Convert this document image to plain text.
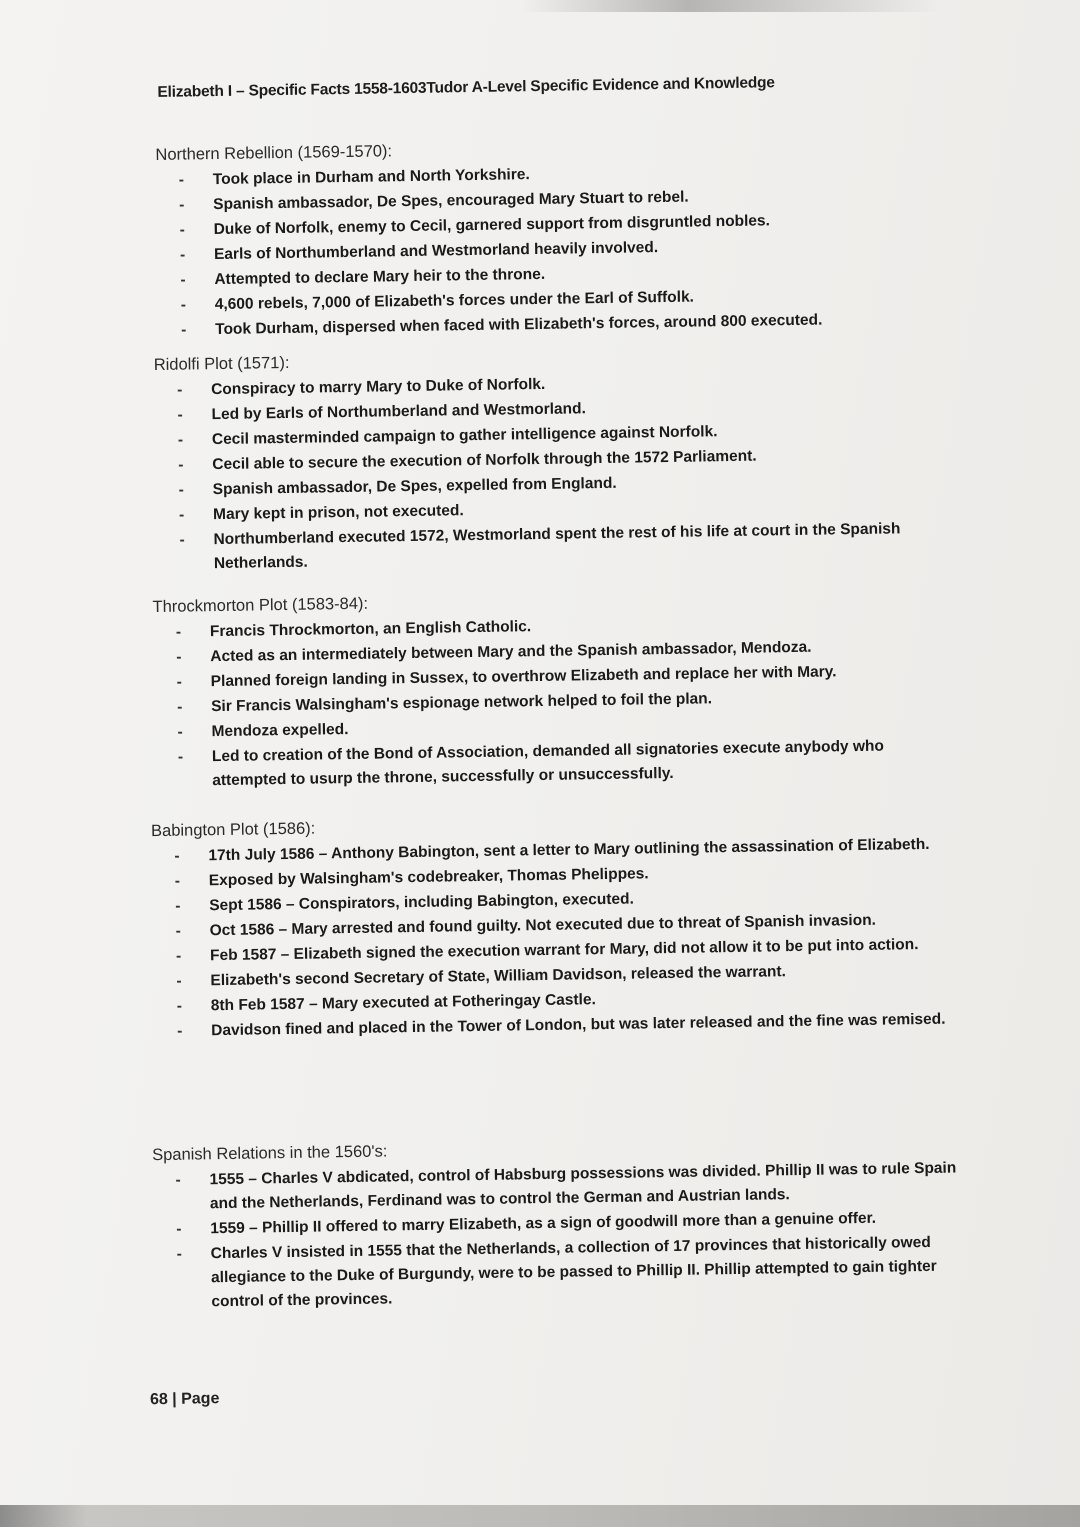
Elizabeth I – Specific Facts 1558-1603Tudor A-Level Specific Evidence and Knowledge
Northern Rebellion (1569-1570):
- Took place in Durham and North Yorkshire.
- Spanish ambassador, De Spes, encouraged Mary Stuart to rebel.
- Duke of Norfolk, enemy to Cecil, garnered support from disgruntled nobles.
- Earls of Northumberland and Westmorland heavily involved.
- Attempted to declare Mary heir to the throne.
- 4,600 rebels, 7,000 of Elizabeth's forces under the Earl of Suffolk.
- Took Durham, dispersed when faced with Elizabeth's forces, around 800 executed.
Ridolfi Plot (1571):
- Conspiracy to marry Mary to Duke of Norfolk.
- Led by Earls of Northumberland and Westmorland.
- Cecil masterminded campaign to gather intelligence against Norfolk.
- Cecil able to secure the execution of Norfolk through the 1572 Parliament.
- Spanish ambassador, De Spes, expelled from England.
- Mary kept in prison, not executed.
- Northumberland executed 1572, Westmorland spent the rest of his life at court in the Spanish Netherlands.
Throckmorton Plot (1583-84):
- Francis Throckmorton, an English Catholic.
- Acted as an intermediately between Mary and the Spanish ambassador, Mendoza.
- Planned foreign landing in Sussex, to overthrow Elizabeth and replace her with Mary.
- Sir Francis Walsingham's espionage network helped to foil the plan.
- Mendoza expelled.
- Led to creation of the Bond of Association, demanded all signatories execute anybody who attempted to usurp the throne, successfully or unsuccessfully.
Babington Plot (1586):
- 17th July 1586 – Anthony Babington, sent a letter to Mary outlining the assassination of Elizabeth.
- Exposed by Walsingham's codebreaker, Thomas Phelippes.
- Sept 1586 – Conspirators, including Babington, executed.
- Oct 1586 – Mary arrested and found guilty. Not executed due to threat of Spanish invasion.
- Feb 1587 – Elizabeth signed the execution warrant for Mary, did not allow it to be put into action.
- Elizabeth's second Secretary of State, William Davidson, released the warrant.
- 8th Feb 1587 – Mary executed at Fotheringay Castle.
- Davidson fined and placed in the Tower of London, but was later released and the fine was remised.
Spanish Relations in the 1560's:
- 1555 – Charles V abdicated, control of Habsburg possessions was divided. Phillip II was to rule Spain and the Netherlands, Ferdinand was to control the German and Austrian lands.
- 1559 – Phillip II offered to marry Elizabeth, as a sign of goodwill more than a genuine offer.
- Charles V insisted in 1555 that the Netherlands, a collection of 17 provinces that historically owed allegiance to the Duke of Burgundy, were to be passed to Phillip II. Phillip attempted to gain tighter control of the provinces.
68 | Page
